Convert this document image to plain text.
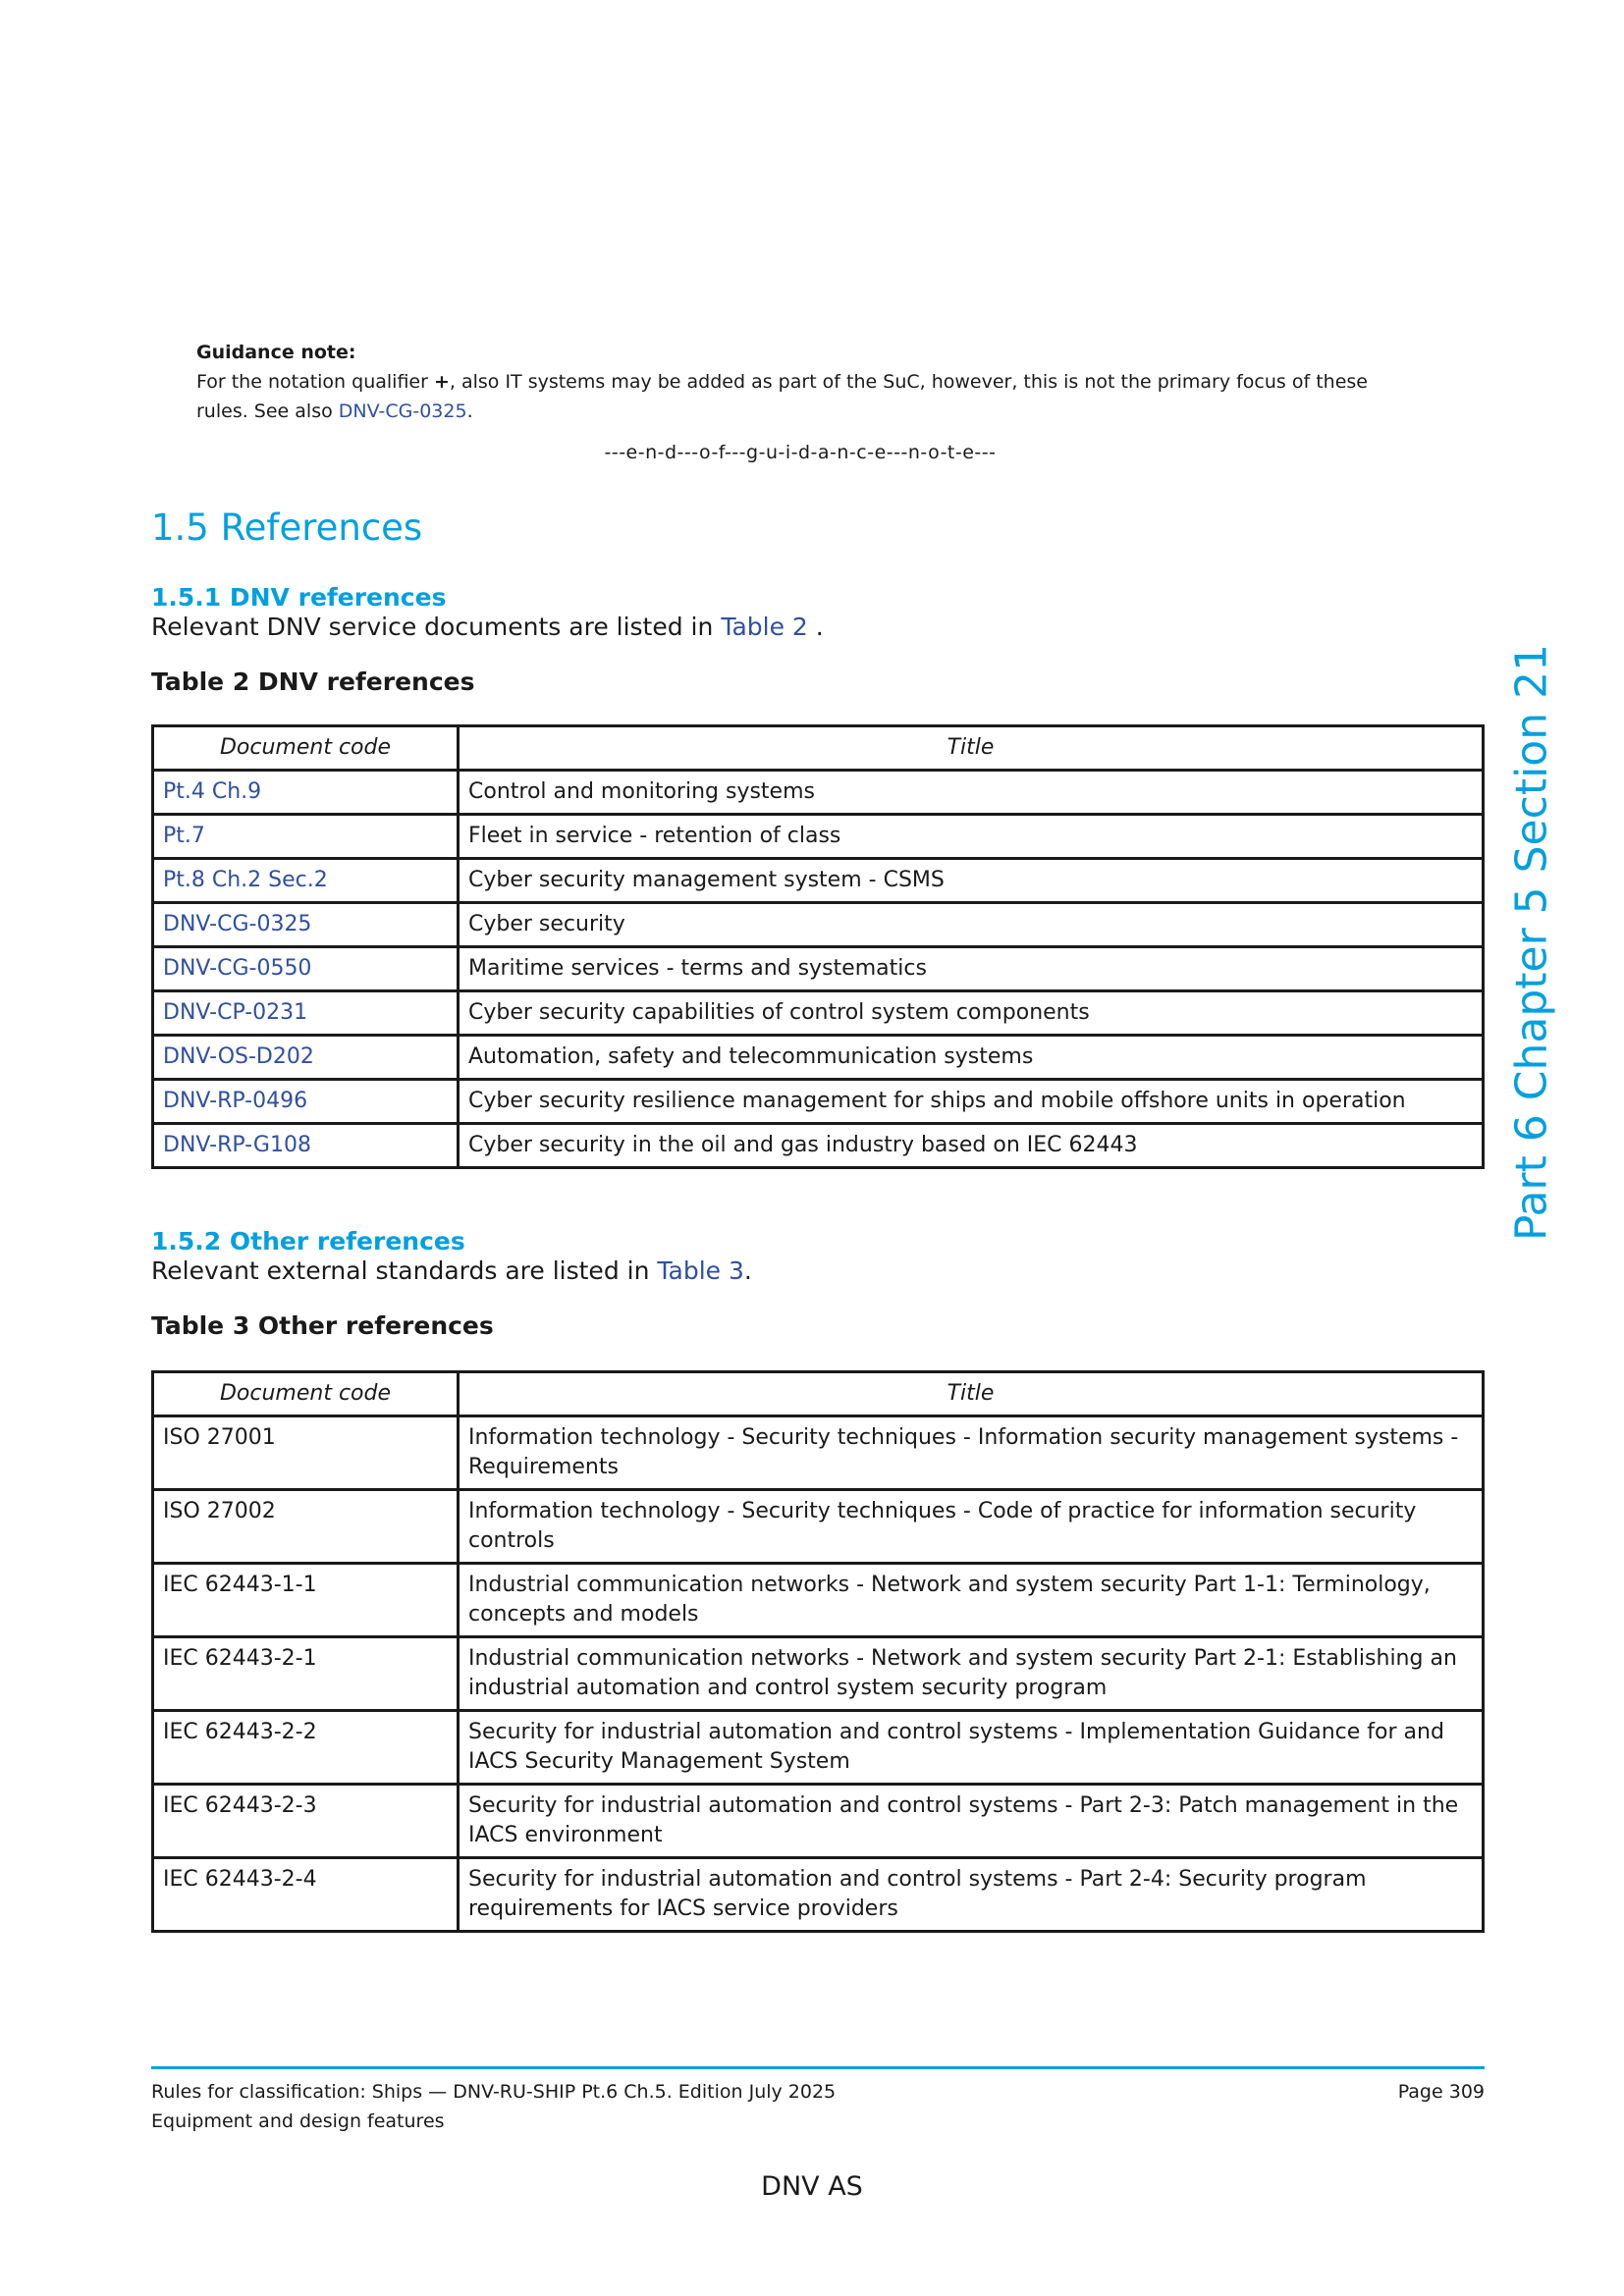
Guidance note:
For the notation qualifier +, also IT systems may be added as part of the SuC, however, this is not the primary focus of these rules. See also DNV-CG-0325.
---e-n-d---o-f---g-u-i-d-a-n-c-e---n-o-t-e---
1.5 References
1.5.1 DNV references

Relevant DNV service documents are listed in Table 2 .

Table 2 DNV references

Document code	Title
Pt.4 Ch.9	Control and monitoring systems
Pt.7	Fleet in service - retention of class
Pt.8 Ch.2 Sec.2	Cyber security management system - CSMS
DNV-CG-0325	Cyber security
DNV-CG-0550	Maritime services - terms and systematics
DNV-CP-0231	Cyber security capabilities of control system components
DNV-OS-D202	Automation, safety and telecommunication systems
DNV-RP-0496	Cyber security resilience management for ships and mobile offshore units in operation
DNV-RP-G108	Cyber security in the oil and gas industry based on IEC 62443
1.5.2 Other references

Relevant external standards are listed in Table 3.

Table 3 Other references

Document code	Title
ISO 27001	Information technology - Security techniques - Information security management systems - Requirements
ISO 27002	Information technology - Security techniques - Code of practice for information security controls
IEC 62443-1-1	Industrial communication networks - Network and system security Part 1-1: Terminology, concepts and models
IEC 62443-2-1	Industrial communication networks - Network and system security Part 2-1: Establishing an industrial automation and control system security program
IEC 62443-2-2	Security for industrial automation and control systems - Implementation Guidance for and IACS Security Management System
IEC 62443-2-3	Security for industrial automation and control systems - Part 2-3: Patch management in the IACS environment
IEC 62443-2-4	Security for industrial automation and control systems - Part 2-4: Security program requirements for IACS service providers
Part 6 Chapter 5 Section 21
Rules for classification: Ships — DNV-RU-SHIP Pt.6 Ch.5. Edition July 2025
Equipment and design features
Page 309
DNV AS
